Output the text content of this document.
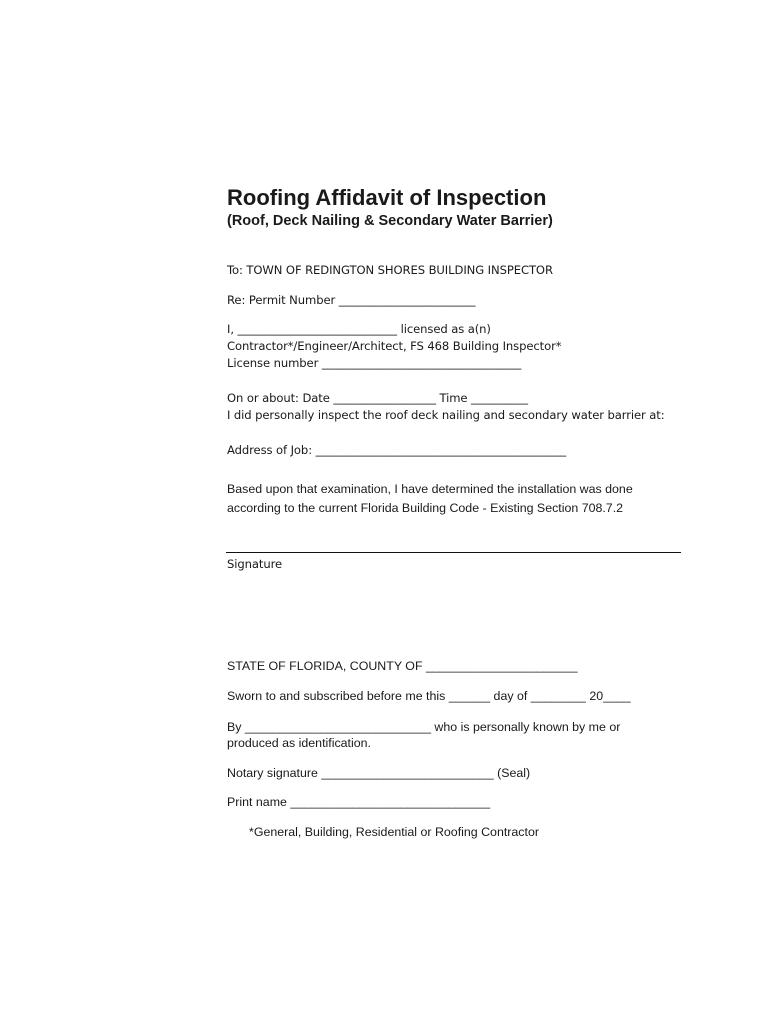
Roofing Affidavit of Inspection
(Roof, Deck Nailing & Secondary Water Barrier)
To: TOWN OF REDINGTON SHORES BUILDING INSPECTOR
Re: Permit Number ________________________
I, ____________________________ licensed as a(n)
Contractor*/Engineer/Architect, FS 468 Building Inspector*
License number ___________________________________
On or about: Date __________________ Time __________
I did personally inspect the roof deck nailing and secondary water barrier at:
Address of Job: ____________________________________________
Based upon that examination, I have determined the installation was done
according to the current Florida Building Code - Existing Section 708.7.2
Signature
STATE OF FLORIDA, COUNTY OF ______________________
Sworn to and subscribed before me this ______ day of ________ 20____
By ___________________________ who is personally known by me or
produced as identification.
Notary signature _________________________ (Seal)
Print name _____________________________
*General, Building, Residential or Roofing Contractor
